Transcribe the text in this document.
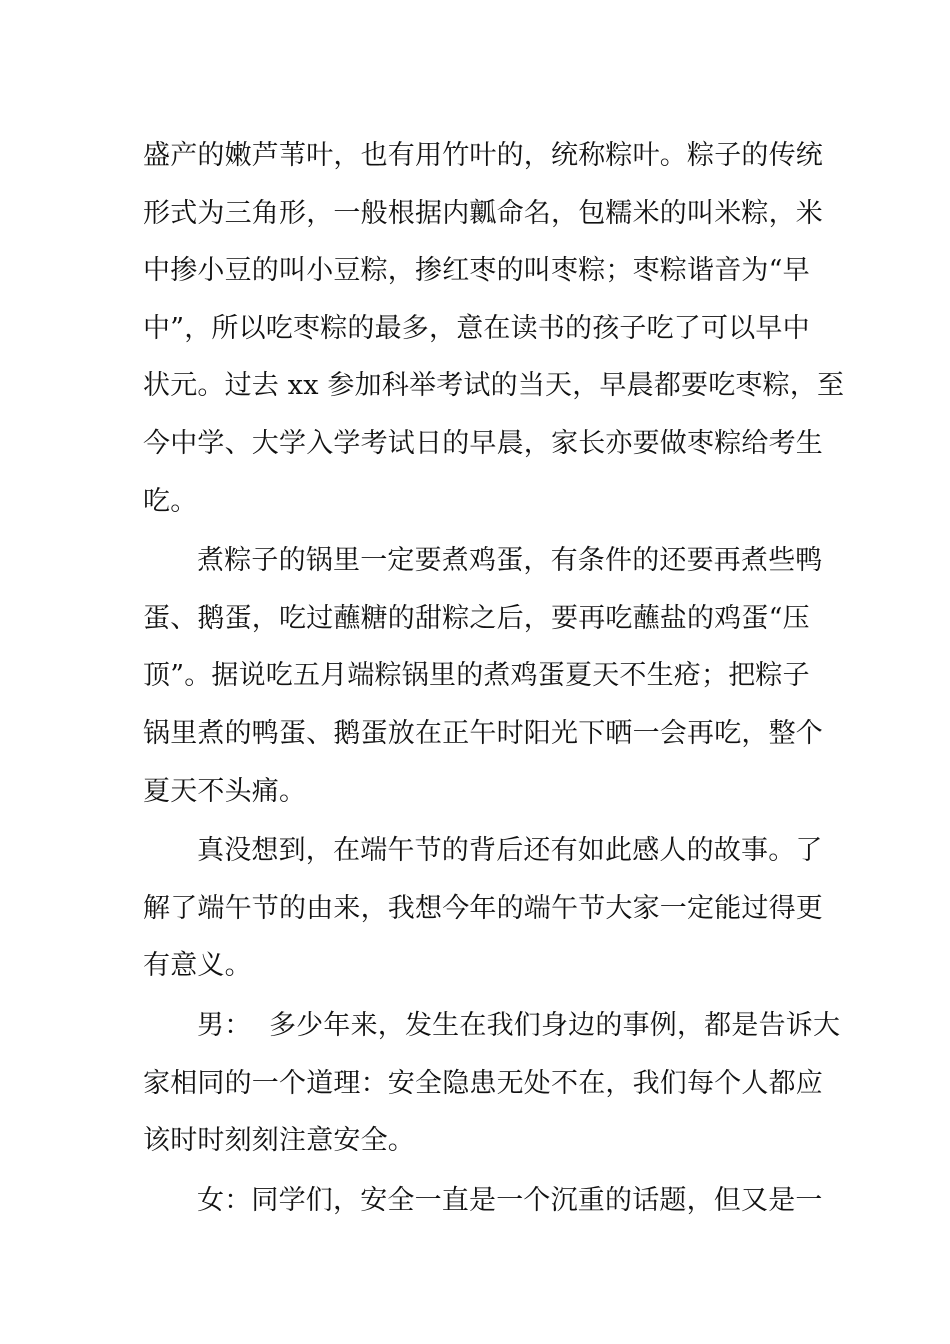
盛产的嫩芦苇叶，也有用竹叶的，统称粽叶。粽子的传统
形式为三角形，一般根据内瓤命名，包糯米的叫米粽，米
中掺小豆的叫小豆粽，掺红枣的叫枣粽；枣粽谐音为“早
中”，所以吃枣粽的最多，意在读书的孩子吃了可以早中
状元。过去 xx 参加科举考试的当天，早晨都要吃枣粽，至
今中学、大学入学考试日的早晨，家长亦要做枣粽给考生
吃。

煮粽子的锅里一定要煮鸡蛋，有条件的还要再煮些鸭
蛋、鹅蛋，吃过蘸糖的甜粽之后，要再吃蘸盐的鸡蛋“压
顶”。据说吃五月端粽锅里的煮鸡蛋夏天不生疮；把粽子
锅里煮的鸭蛋、鹅蛋放在正午时阳光下晒一会再吃，整个
夏天不头痛。

真没想到，在端午节的背后还有如此感人的故事。了
解了端午节的由来，我想今年的端午节大家一定能过得更
有意义。

男：  多少年来，发生在我们身边的事例，都是告诉大
家相同的一个道理：安全隐患无处不在，我们每个人都应
该时时刻刻注意安全。

女：同学们，安全一直是一个沉重的话题，但又是一
